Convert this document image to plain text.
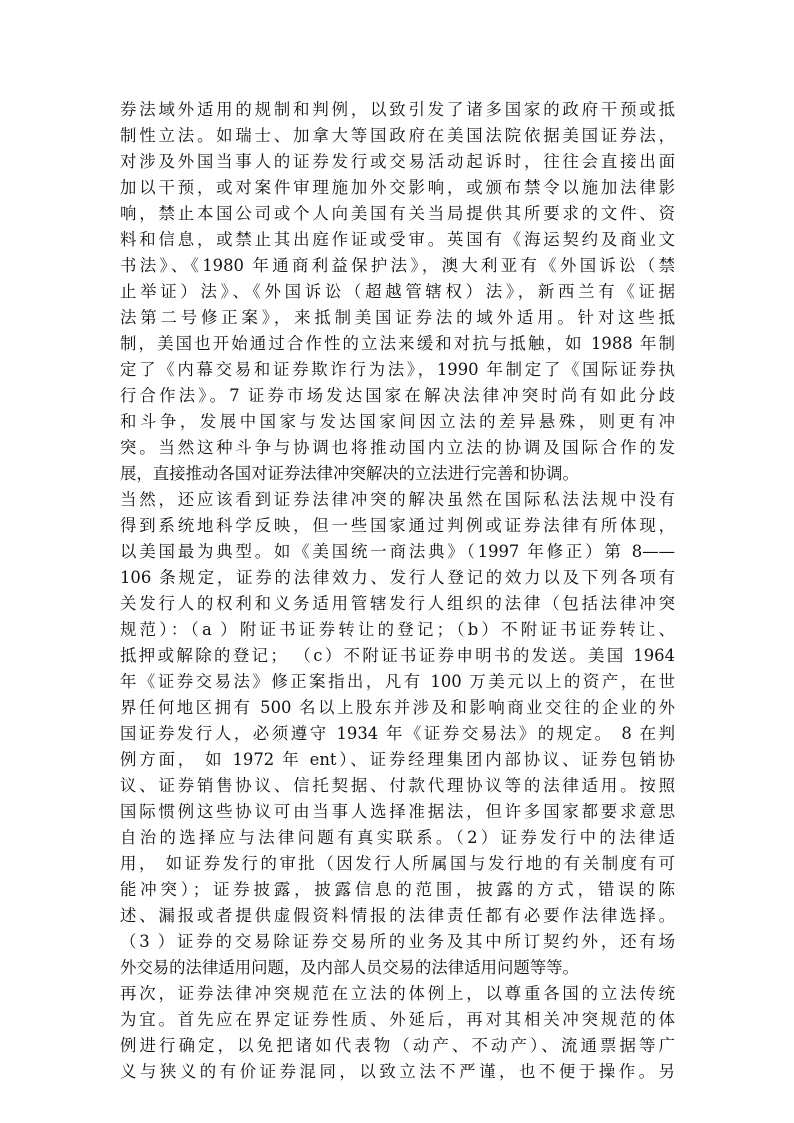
券法域外适用的规制和判例，以致引发了诸多国家的政府干预或抵
制性立法。如瑞士、加拿大等国政府在美国法院依据美国证券法，
对涉及外国当事人的证券发行或交易活动起诉时，往往会直接出面
加以干预，或对案件审理施加外交影响，或颁布禁令以施加法律影
响，禁止本国公司或个人向美国有关当局提供其所要求的文件、资
料和信息，或禁止其出庭作证或受审。英国有《海运契约及商业文
书法》、《1980 年通商利益保护法》，澳大利亚有《外国诉讼（禁
止举证）法》、《外国诉讼（超越管辖权）法》，新西兰有《证据
法第二号修正案》，来抵制美国证券法的域外适用。针对这些抵
制，美国也开始通过合作性的立法来缓和对抗与抵触，如 1988 年制
定了《内幕交易和证券欺诈行为法》，1990 年制定了《国际证券执
行合作法》。7 证券市场发达国家在解决法律冲突时尚有如此分歧
和斗争，发展中国家与发达国家间因立法的差异悬殊，则更有冲
突。当然这种斗争与协调也将推动国内立法的协调及国际合作的发
展，直接推动各国对证券法律冲突解决的立法进行完善和协调。
当然，还应该看到证券法律冲突的解决虽然在国际私法法规中没有
得到系统地科学反映，但一些国家通过判例或证券法律有所体现，
以美国最为典型。如《美国统一商法典》（1997 年修正）第 8——
106 条规定，证券的法律效力、发行人登记的效力以及下列各项有
关发行人的权利和义务适用管辖发行人组织的法律（包括法律冲突
规范）：（a ）附证书证券转让的登记；（b）不附证书证券转让、
抵押或解除的登记； （c）不附证书证券申明书的发送。美国 1964
年《证券交易法》修正案指出，凡有 100 万美元以上的资产，在世
界任何地区拥有 500 名以上股东并涉及和影响商业交往的企业的外
国证券发行人，必须遵守 1934 年《证券交易法》的规定。 8 在判
例方面， 如 1972 年 ent）、证券经理集团内部协议、证券包销协
议、证券销售协议、信托契据、付款代理协议等的法律适用。按照
国际惯例这些协议可由当事人选择准据法，但许多国家都要求意思
自治的选择应与法律问题有真实联系。（2）证券发行中的法律适
用， 如证券发行的审批（因发行人所属国与发行地的有关制度有可
能冲突）；证券披露，披露信息的范围，披露的方式，错误的陈
述、漏报或者提供虚假资料情报的法律责任都有必要作法律选择。
（3 ）证券的交易除证券交易所的业务及其中所订契约外，还有场
外交易的法律适用问题，及内部人员交易的法律适用问题等等。
再次，证券法律冲突规范在立法的体例上，以尊重各国的立法传统
为宜。首先应在界定证券性质、外延后，再对其相关冲突规范的体
例进行确定，以免把诸如代表物（动产、不动产）、流通票据等广
义与狭义的有价证券混同，以致立法不严谨，也不便于操作。另
